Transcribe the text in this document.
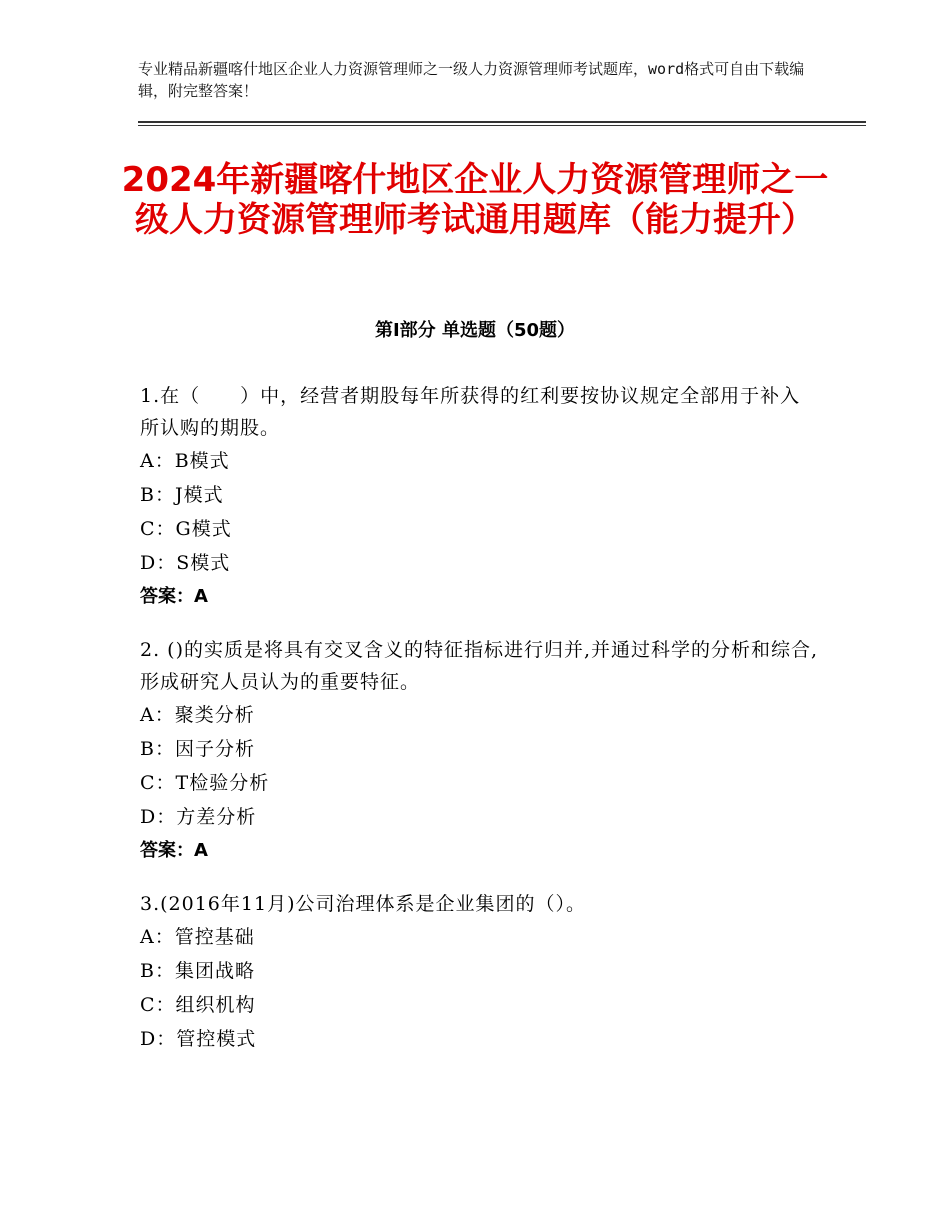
专业精品新疆喀什地区企业人力资源管理师之一级人力资源管理师考试题库，word格式可自由下载编辑，附完整答案！
2024年新疆喀什地区企业人力资源管理师之一级人力资源管理师考试通用题库（能力提升）
第Ⅰ部分 单选题（50题）
1.在（　　）中，经营者期股每年所获得的红利要按协议规定全部用于补入所认购的期股。
A：B模式
B：J模式
C：G模式
D：S模式
答案：A
2. ()的实质是将具有交叉含义的特征指标进行归并,并通过科学的分析和综合,形成研究人员认为的重要特征。
A：聚类分析
B：因子分析
C：T检验分析
D：方差分析
答案：A
3.(2016年11月)公司治理体系是企业集团的（）。
A：管控基础
B：集团战略
C：组织机构
D：管控模式
